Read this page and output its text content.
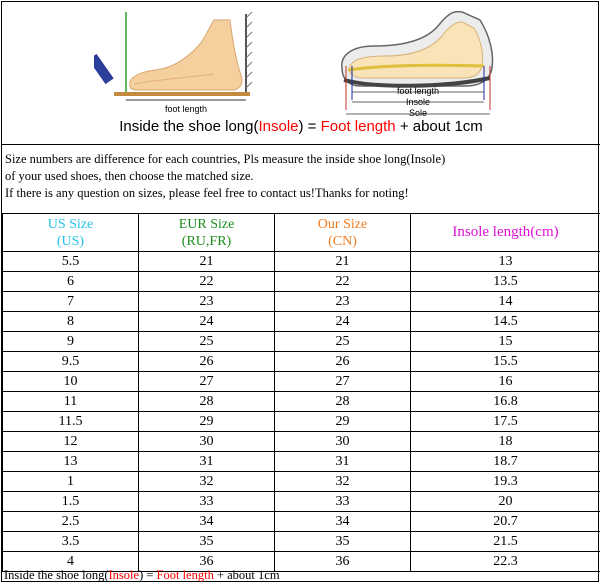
foot length
foot length
Insole
Sole
Inside the shoe long(Insole) = Foot length + about 1cm
Size numbers are difference for each countries, Pls measure the inside shoe long(Insole)
of your used shoes, then choose the matched size.
If there is any question on sizes, please feel free to contact us!Thanks for noting!
US Size
(US)	EUR Size
(RU,FR)	Our Size
(CN)	Insole length(cm)
5.5	21	21	13
6	22	22	13.5
7	23	23	14
8	24	24	14.5
9	25	25	15
9.5	26	26	15.5
10	27	27	16
11	28	28	16.8
11.5	29	29	17.5
12	30	30	18
13	31	31	18.7
1	32	32	19.3
1.5	33	33	20
2.5	34	34	20.7
3.5	35	35	21.5
4	36	36	22.3
Inside the shoe long(Insole) = Foot length + about 1cm
